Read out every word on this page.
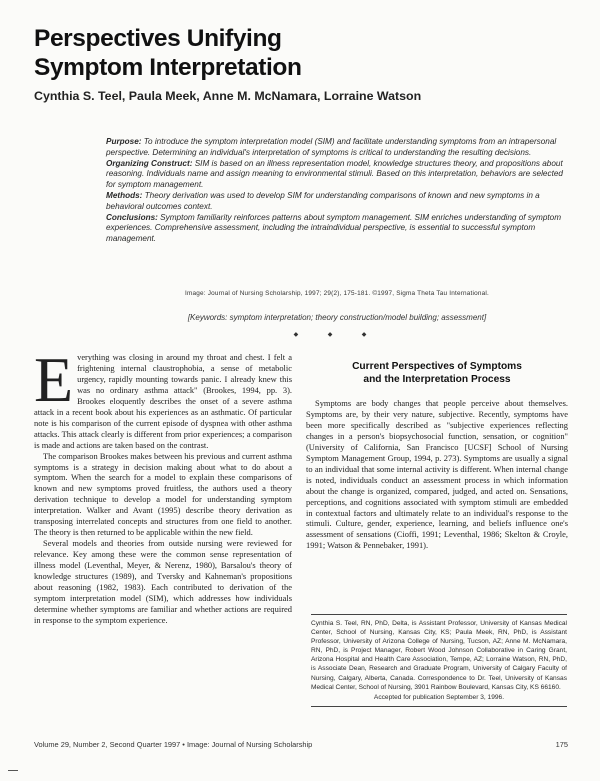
Perspectives Unifying
Symptom Interpretation
Cynthia S. Teel, Paula Meek, Anne M. McNamara, Lorraine Watson

Purpose: To introduce the symptom interpretation model (SIM) and facilitate understanding symptoms from an intrapersonal perspective. Determining an individual's interpretation of symptoms is critical to understanding the resulting decisions.

Organizing Construct: SIM is based on an illness representation model, knowledge structures theory, and propositions about reasoning. Individuals name and assign meaning to environmental stimuli. Based on this interpretation, behaviors are selected for symptom management.

Methods: Theory derivation was used to develop SIM for understanding comparisons of known and new symptoms in a behavioral outcomes context.

Conclusions: Symptom familiarity reinforces patterns about symptom management. SIM enriches understanding of symptom experiences. Comprehensive assessment, including the intraindividual perspective, is essential to successful symptom management.

Image: Journal of Nursing Scholarship, 1997; 29(2), 175-181. ©1997, Sigma Theta Tau International.
[Keywords: symptom interpretation; theory construction/model building; assessment]
◆ ◆ ◆

Everything was closing in around my throat and chest. I felt a frightening internal claustrophobia, a sense of metabolic urgency, rapidly mounting towards panic. I already knew this was no ordinary asthma attack" (Brookes, 1994, pp. 3). Brookes eloquently describes the onset of a severe asthma attack in a recent book about his experiences as an asthmatic. Of particular note is his comparison of the current episode of dyspnea with other asthma attacks. This attack clearly is different from prior experiences; a comparison is made and actions are taken based on the contrast.

The comparison Brookes makes between his previous and current asthma symptoms is a strategy in decision making about what to do about a symptom. When the search for a model to explain these comparisons of known and new symptoms proved fruitless, the authors used a theory derivation technique to develop a model for understanding symptom interpretation. Walker and Avant (1995) describe theory derivation as transposing interrelated concepts and structures from one field to another. The theory is then returned to be applicable within the new field.

Several models and theories from outside nursing were reviewed for relevance. Key among these were the common sense representation of illness model (Leventhal, Meyer, & Nerenz, 1980), Barsalou's theory of knowledge structures (1989), and Tversky and Kahneman's propositions about reasoning (1982, 1983). Each contributed to derivation of the symptom interpretation model (SIM), which addresses how individuals determine whether symptoms are familiar and whether actions are required in response to the symptom experience.

Current Perspectives of Symptoms
and the Interpretation Process

Symptoms are body changes that people perceive about themselves. Symptoms are, by their very nature, subjective. Recently, symptoms have been more specifically described as "subjective experiences reflecting changes in a person's biopsychosocial function, sensation, or cognition" (University of California, San Francisco [UCSF] School of Nursing Symptom Management Group, 1994, p. 273). Symptoms are usually a signal to an individual that some internal activity is different. When internal change is noted, individuals conduct an assessment process in which information about the change is organized, compared, judged, and acted on. Sensations, perceptions, and cognitions associated with symptom stimuli are embedded in contextual factors and ultimately relate to an individual's response to the stimuli. Culture, gender, experience, learning, and beliefs influence one's assessment of sensations (Cioffi, 1991; Leventhal, 1986; Skelton & Croyle, 1991; Watson & Pennebaker, 1991).

Cynthia S. Teel, RN, PhD, Delta, is Assistant Professor, University of Kansas Medical Center, School of Nursing, Kansas City, KS; Paula Meek, RN, PhD, is Assistant Professor, University of Arizona College of Nursing, Tucson, AZ; Anne M. McNamara, RN, PhD, is Project Manager, Robert Wood Johnson Collaborative in Caring Grant, Arizona Hospital and Health Care Association, Tempe, AZ; Lorraine Watson, RN, PhD, is Associate Dean, Research and Graduate Program, University of Calgary Faculty of Nursing, Calgary, Alberta, Canada. Correspondence to Dr. Teel, University of Kansas Medical Center, School of Nursing, 3901 Rainbow Boulevard, Kansas City, KS 66160.

Accepted for publication September 3, 1996.

Volume 29, Number 2, Second Quarter 1997 • Image: Journal of Nursing Scholarship	175
